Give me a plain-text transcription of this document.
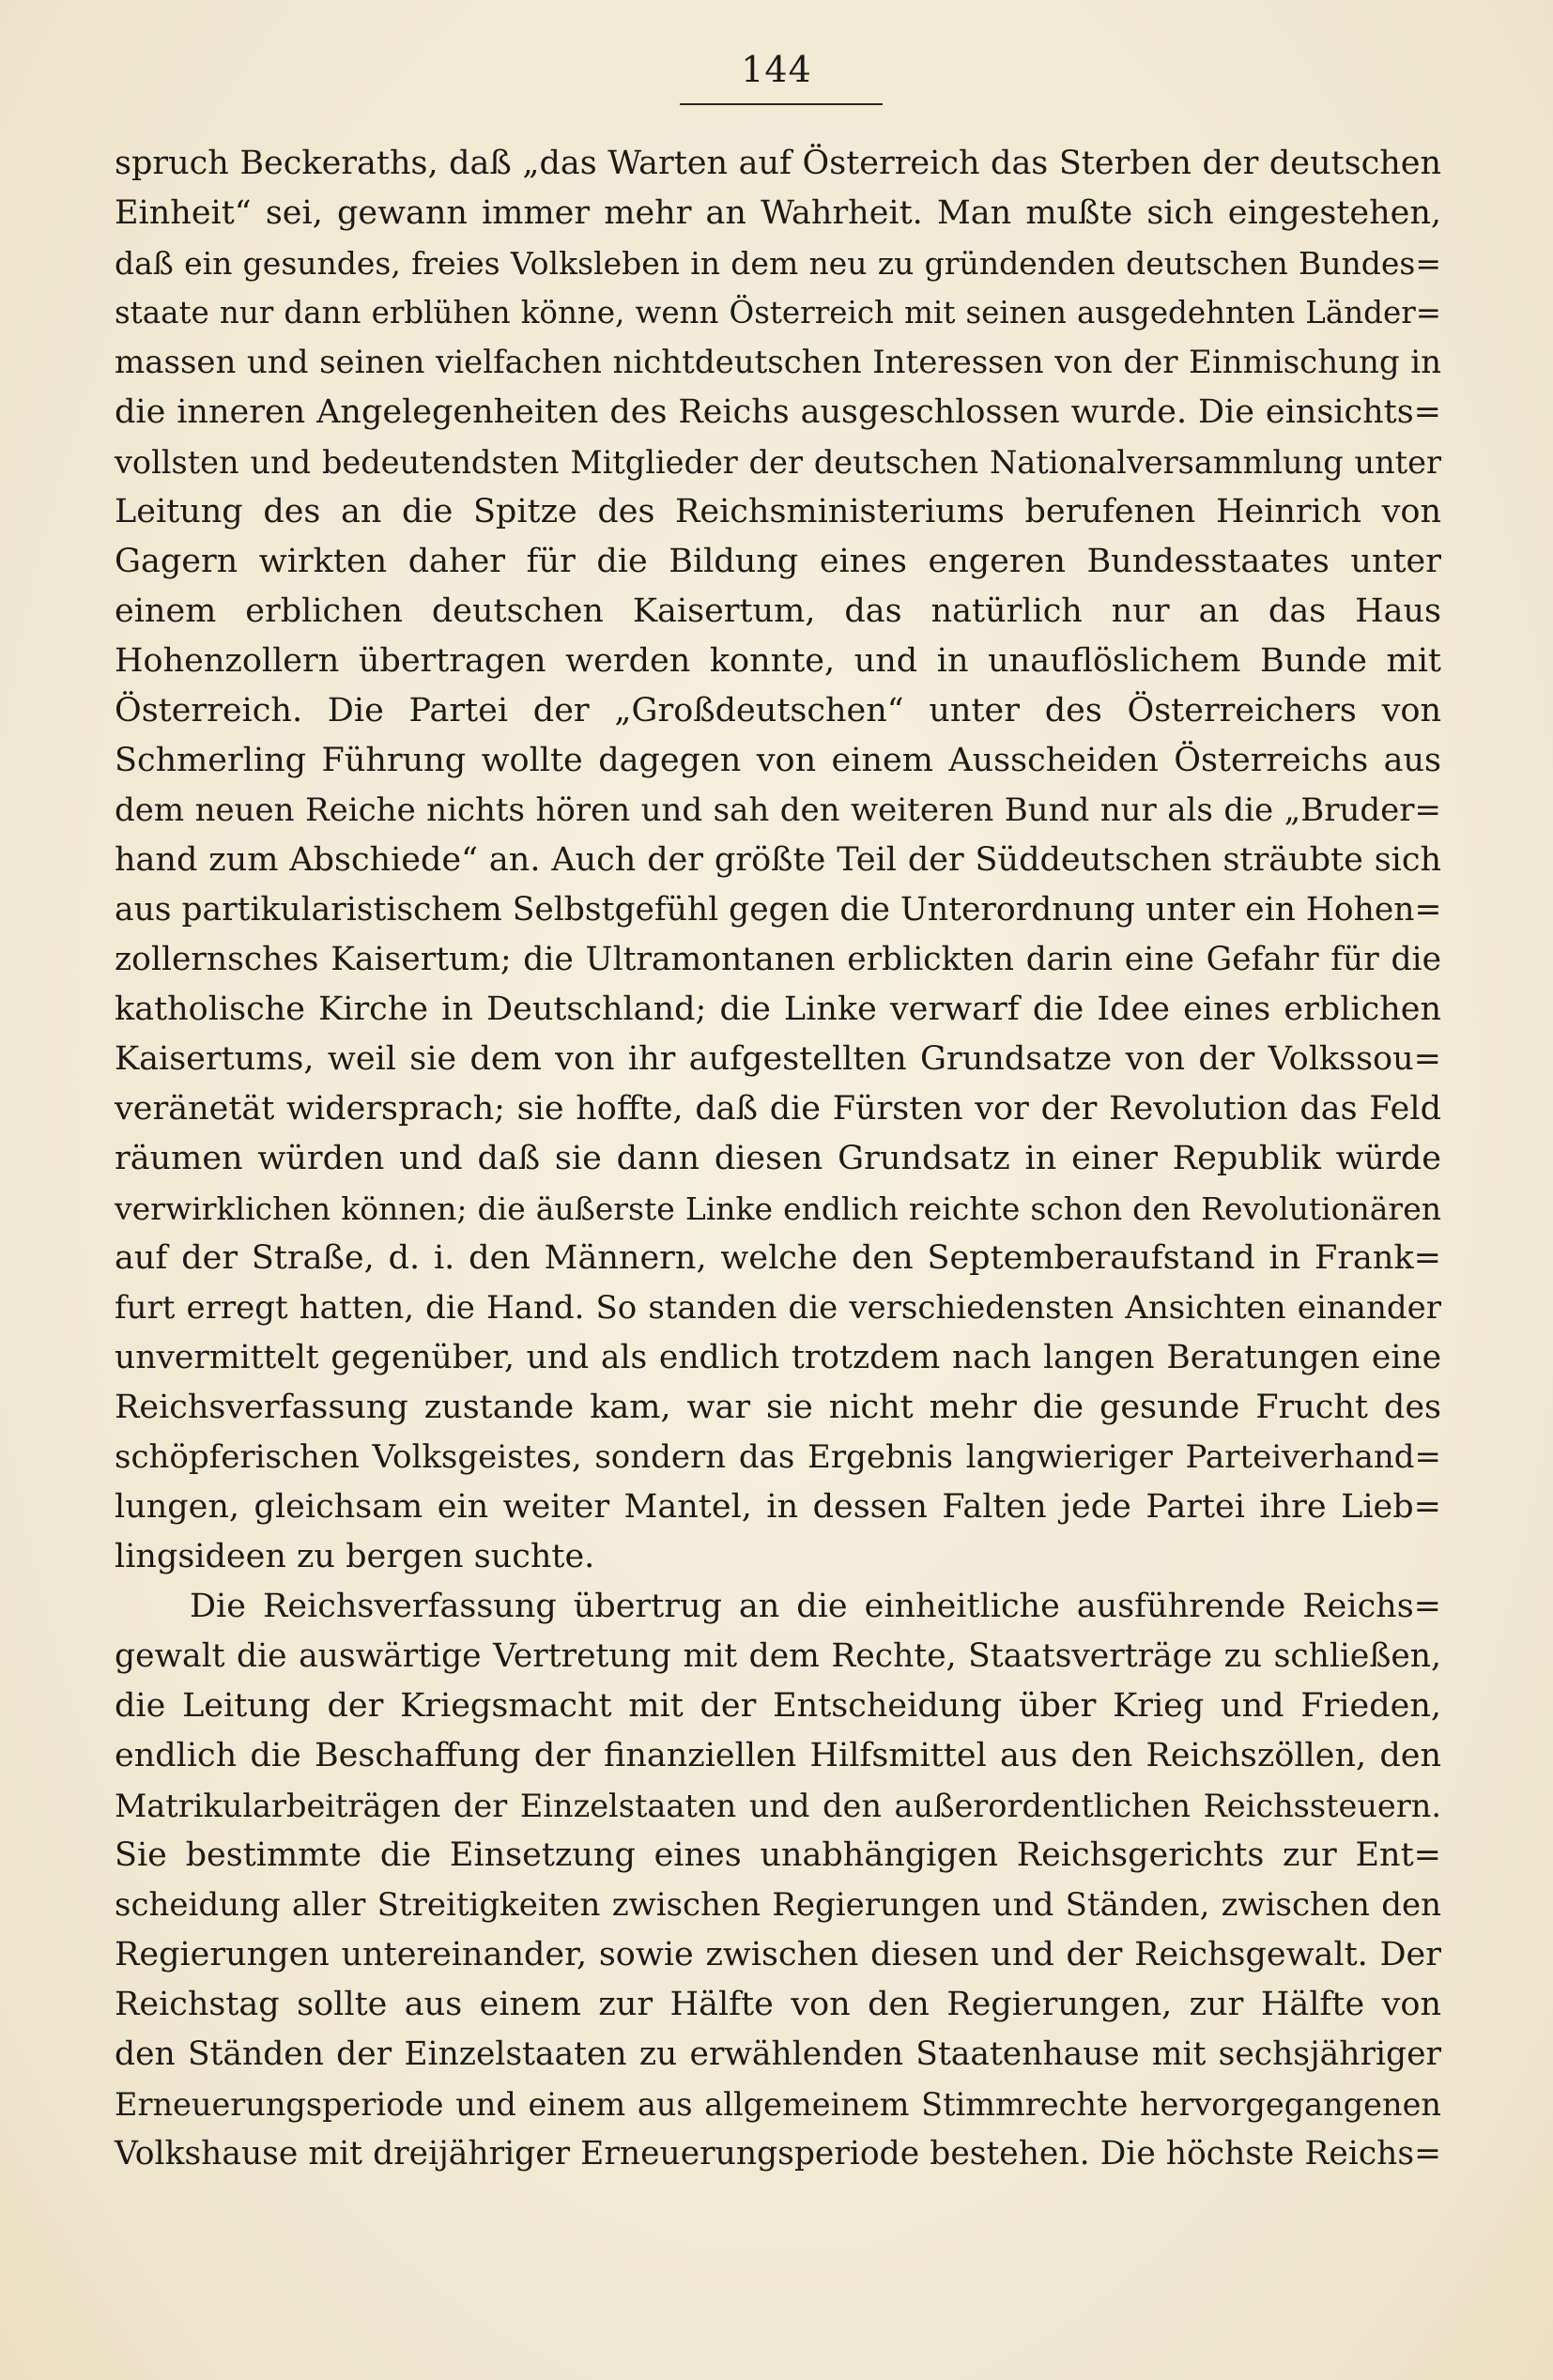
144
spruch Beckeraths, daß „das Warten auf Österreich das Sterben der deutschen
Einheit“ sei, gewann immer mehr an Wahrheit. Man mußte sich eingestehen,
daß ein gesundes, freies Volksleben in dem neu zu gründenden deutschen Bundes=
staate nur dann erblühen könne, wenn Österreich mit seinen ausgedehnten Länder=
massen und seinen vielfachen nichtdeutschen Interessen von der Einmischung in
die inneren Angelegenheiten des Reichs ausgeschlossen wurde. Die einsichts=
vollsten und bedeutendsten Mitglieder der deutschen Nationalversammlung unter
Leitung des an die Spitze des Reichsministeriums berufenen Heinrich von
Gagern wirkten daher für die Bildung eines engeren Bundesstaates unter
einem erblichen deutschen Kaisertum, das natürlich nur an das Haus
Hohenzollern übertragen werden konnte, und in unauflöslichem Bunde mit
Österreich. Die Partei der „Großdeutschen“ unter des Österreichers von
Schmerling Führung wollte dagegen von einem Ausscheiden Österreichs aus
dem neuen Reiche nichts hören und sah den weiteren Bund nur als die „Bruder=
hand zum Abschiede“ an. Auch der größte Teil der Süddeutschen sträubte sich
aus partikularistischem Selbstgefühl gegen die Unterordnung unter ein Hohen=
zollernsches Kaisertum; die Ultramontanen erblickten darin eine Gefahr für die
katholische Kirche in Deutschland; die Linke verwarf die Idee eines erblichen
Kaisertums, weil sie dem von ihr aufgestellten Grundsatze von der Volkssou=
veränetät widersprach; sie hoffte, daß die Fürsten vor der Revolution das Feld
räumen würden und daß sie dann diesen Grundsatz in einer Republik würde
verwirklichen können; die äußerste Linke endlich reichte schon den Revolutionären
auf der Straße, d. i. den Männern, welche den Septemberaufstand in Frank=
furt erregt hatten, die Hand. So standen die verschiedensten Ansichten einander
unvermittelt gegenüber, und als endlich trotzdem nach langen Beratungen eine
Reichsverfassung zustande kam, war sie nicht mehr die gesunde Frucht des
schöpferischen Volksgeistes, sondern das Ergebnis langwieriger Parteiverhand=
lungen, gleichsam ein weiter Mantel, in dessen Falten jede Partei ihre Lieb=
lingsideen zu bergen suchte.
Die Reichsverfassung übertrug an die einheitliche ausführende Reichs=
gewalt die auswärtige Vertretung mit dem Rechte, Staatsverträge zu schließen,
die Leitung der Kriegsmacht mit der Entscheidung über Krieg und Frieden,
endlich die Beschaffung der finanziellen Hilfsmittel aus den Reichszöllen, den
Matrikularbeiträgen der Einzelstaaten und den außerordentlichen Reichssteuern.
Sie bestimmte die Einsetzung eines unabhängigen Reichsgerichts zur Ent=
scheidung aller Streitigkeiten zwischen Regierungen und Ständen, zwischen den
Regierungen untereinander, sowie zwischen diesen und der Reichsgewalt. Der
Reichstag sollte aus einem zur Hälfte von den Regierungen, zur Hälfte von
den Ständen der Einzelstaaten zu erwählenden Staatenhause mit sechsjähriger
Erneuerungsperiode und einem aus allgemeinem Stimmrechte hervorgegangenen
Volkshause mit dreijähriger Erneuerungsperiode bestehen. Die höchste Reichs=
